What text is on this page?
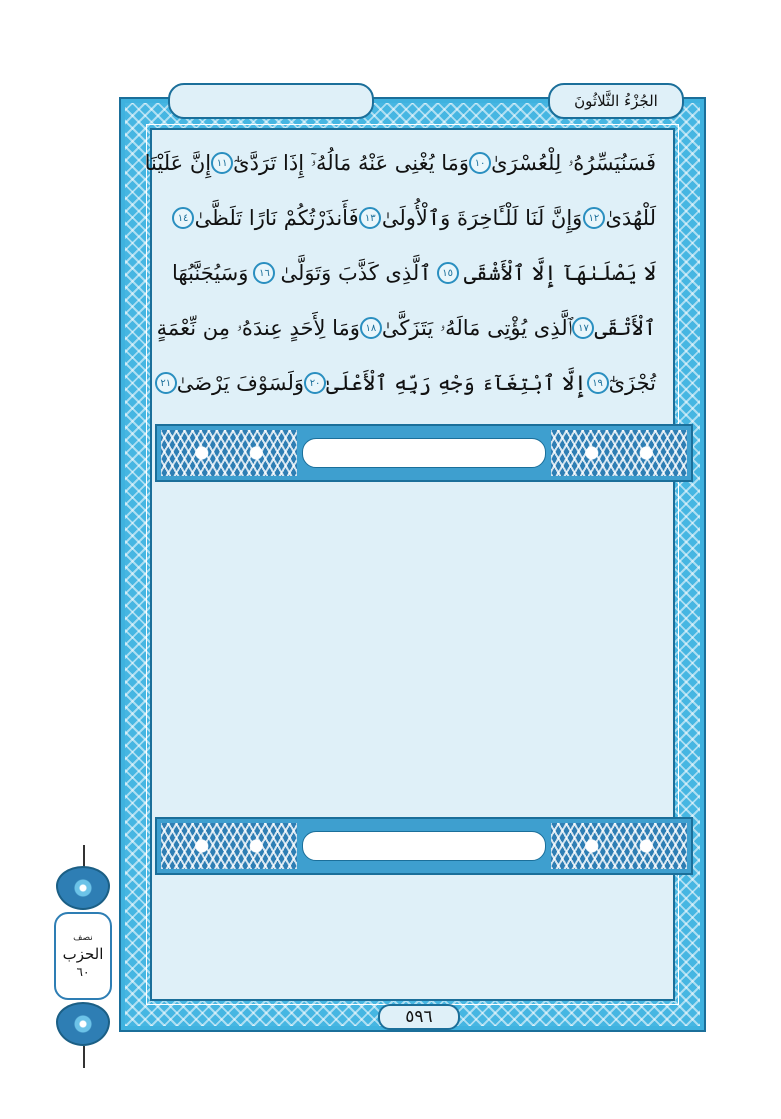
الجُزْءُ الثَّلاثُونَ
فَسَنُيَسِّرُهُۥ لِلْعُسْرَىٰ
١٠
وَمَا يُغْنِى عَنْهُ مَالُهُۥٓ إِذَا تَرَدَّىٰٓ
١١
إِنَّ عَلَيْنَا
لَلْهُدَىٰ
١٢
وَإِنَّ لَنَا لَلْـَٔاخِرَةَ وَٱلْأُولَىٰ
١٣
فَأَنذَرْتُكُمْ نَارًا تَلَظَّىٰ
١٤
لَا يَصْلَىٰهَآ إِلَّا ٱلْأَشْقَى
١٥
ٱلَّذِى كَذَّبَ وَتَوَلَّىٰ
١٦
وَسَيُجَنَّبُهَا
ٱلْأَتْقَى
١٧
ٱلَّذِى يُؤْتِى مَالَهُۥ يَتَزَكَّىٰ
١٨
وَمَا لِأَحَدٍ عِندَهُۥ مِن نِّعْمَةٍ
تُجْزَىٰٓ
١٩
إِلَّا ٱبْتِغَآءَ وَجْهِ رَبِّهِ ٱلْأَعْلَىٰ
٢٠
وَلَسَوْفَ يَرْضَىٰ
٢١
٥٩٦
نصف
الحزب
٦٠
